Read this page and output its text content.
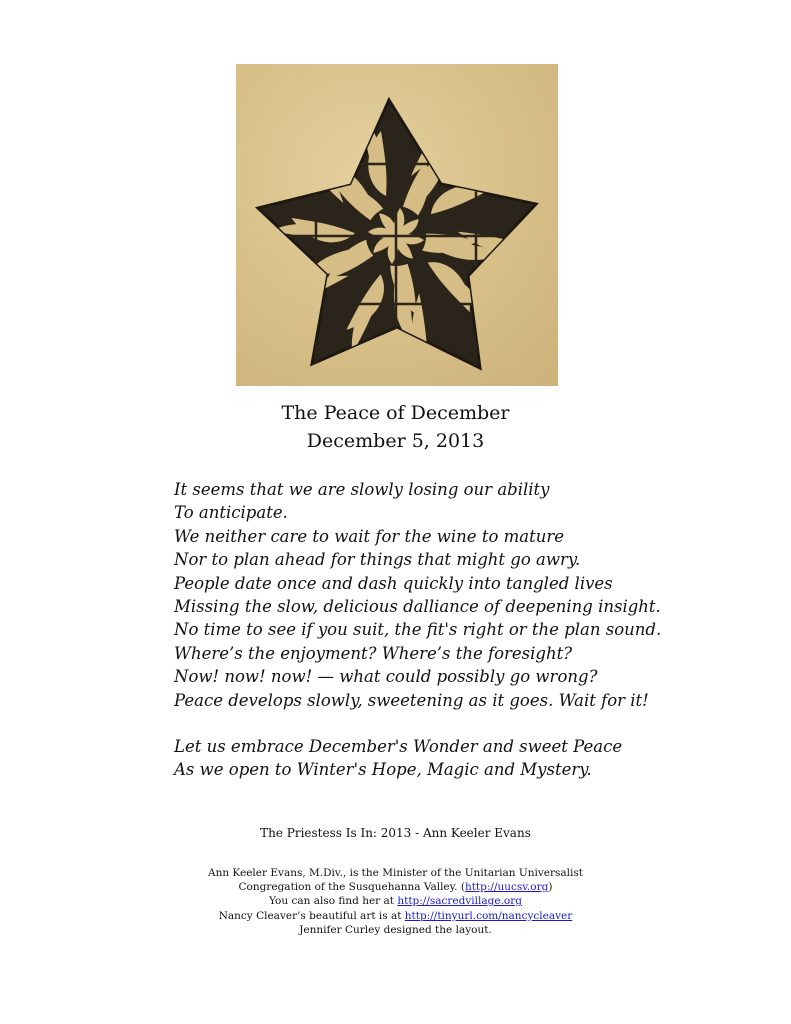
The Peace of December
December 5, 2013
It seems that we are slowly losing our ability
To anticipate.
We neither care to wait for the wine to mature
Nor to plan ahead for things that might go awry.
People date once and dash quickly into tangled lives
Missing the slow, delicious dalliance of deepening insight.
No time to see if you suit, the fit's right or the plan sound.
Where’s the enjoyment? Where’s the foresight?
Now! now! now! — what could possibly go wrong?
Peace develops slowly, sweetening as it goes. Wait for it!
Let us embrace December's Wonder and sweet Peace
As we open to Winter's Hope, Magic and Mystery.
The Priestess Is In: 2013 - Ann Keeler Evans
Ann Keeler Evans, M.Div., is the Minister of the Unitarian Universalist
Congregation of the Susquehanna Valley. (http://uucsv.org)
You can also find her at http://sacredvillage.org
Nancy Cleaver’s beautiful art is at http://tinyurl.com/nancycleaver
Jennifer Curley designed the layout.
